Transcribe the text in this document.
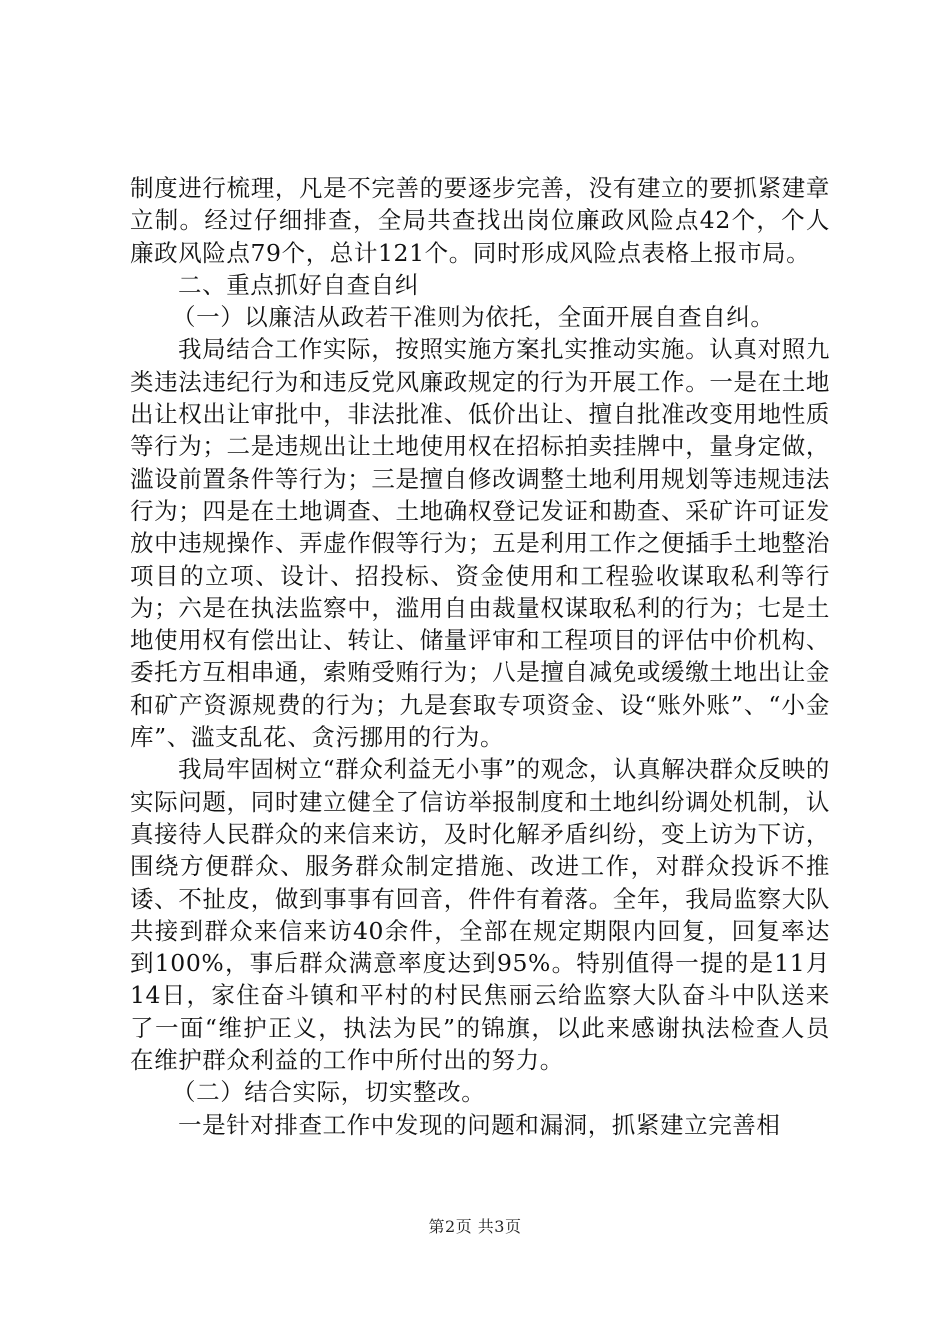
制度进行梳理，凡是不完善的要逐步完善，没有建立的要抓紧建章立制。经过仔细排查，全局共查找出岗位廉政风险点42个，个人廉政风险点79个，总计121个。同时形成风险点表格上报市局。

二、重点抓好自查自纠

（一）以廉洁从政若干准则为依托，全面开展自查自纠。

我局结合工作实际，按照实施方案扎实推动实施。认真对照九类违法违纪行为和违反党风廉政规定的行为开展工作。一是在土地出让权出让审批中，非法批准、低价出让、擅自批准改变用地性质等行为；二是违规出让土地使用权在招标拍卖挂牌中，量身定做，滥设前置条件等行为；三是擅自修改调整土地利用规划等违规违法行为；四是在土地调查、土地确权登记发证和勘查、采矿许可证发放中违规操作、弄虚作假等行为；五是利用工作之便插手土地整治项目的立项、设计、招投标、资金使用和工程验收谋取私利等行为；六是在执法监察中，滥用自由裁量权谋取私利的行为；七是土地使用权有偿出让、转让、储量评审和工程项目的评估中价机构、委托方互相串通，索贿受贿行为；八是擅自减免或缓缴土地出让金和矿产资源规费的行为；九是套取专项资金、设“账外账”、“小金库”、滥支乱花、贪污挪用的行为。

我局牢固树立“群众利益无小事”的观念，认真解决群众反映的实际问题，同时建立健全了信访举报制度和土地纠纷调处机制，认真接待人民群众的来信来访，及时化解矛盾纠纷，变上访为下访，围绕方便群众、服务群众制定措施、改进工作，对群众投诉不推诿、不扯皮，做到事事有回音，件件有着落。全年，我局监察大队共接到群众来信来访40余件，全部在规定期限内回复，回复率达到100%，事后群众满意率度达到95%。特别值得一提的是11月14日，家住奋斗镇和平村的村民焦丽云给监察大队奋斗中队送来了一面“维护正义，执法为民”的锦旗，以此来感谢执法检查人员在维护群众利益的工作中所付出的努力。

（二）结合实际，切实整改。

一是针对排查工作中发现的问题和漏洞，抓紧建立完善相

第2页 共3页
